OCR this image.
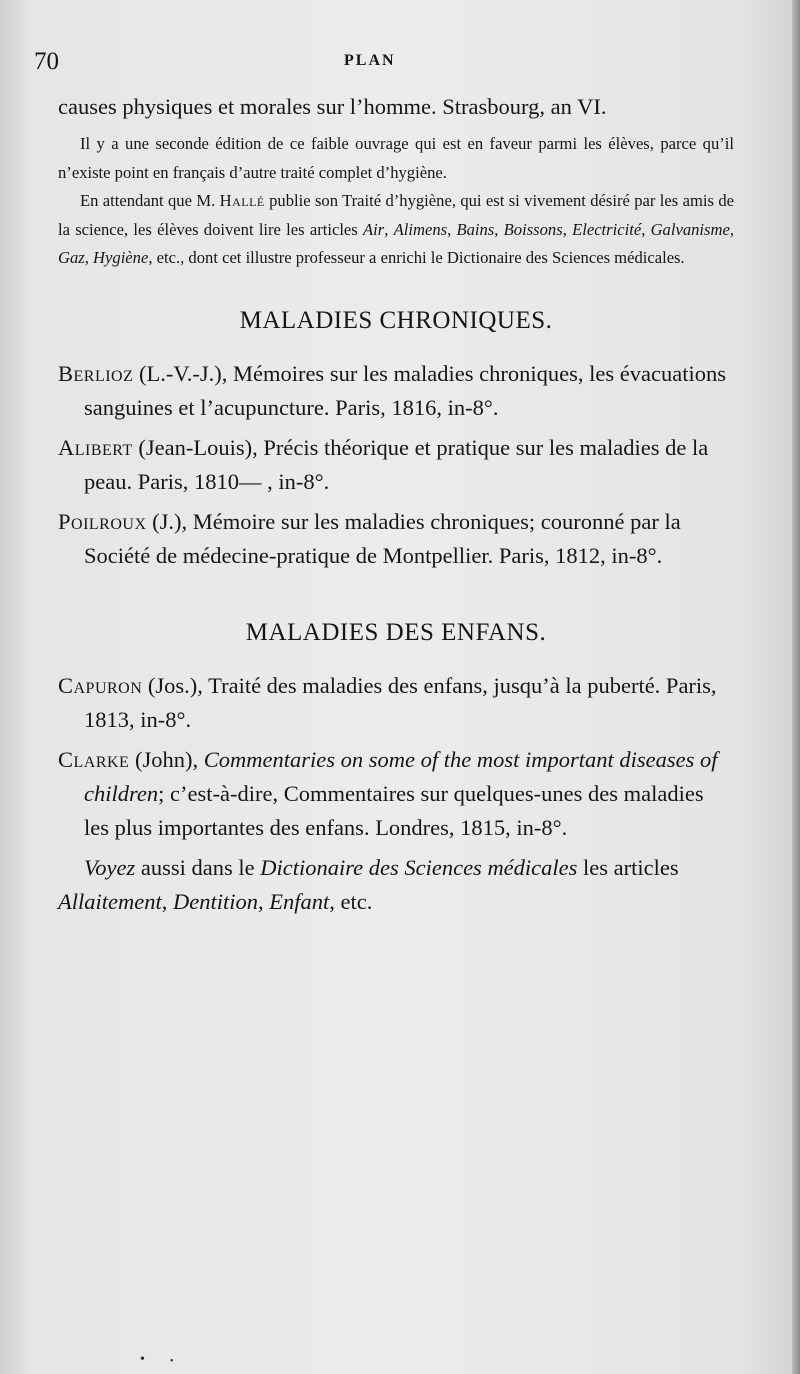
70	PLAN

causes physiques et morales sur l’homme. Strasbourg, an VI.

Il y a une seconde édition de ce faible ouvrage qui est en faveur parmi les élèves, parce qu’il n’existe point en français d’autre traité complet d’hygiène.

En attendant que M. Hallé publie son Traité d’hygiène, qui est si vivement désiré par les amis de la science, les élèves doivent lire les articles Air, Alimens, Bains, Boissons, Electricité, Galvanisme, Gaz, Hygiène, etc., dont cet illustre professeur a enrichi le Dictionaire des Sciences médicales.

MALADIES CHRONIQUES.

Berlioz (L.-V.-J.), Mémoires sur les maladies chroniques, les évacuations sanguines et l’acupuncture. Paris, 1816, in-8°.

Alibert (Jean-Louis), Précis théorique et pratique sur les maladies de la peau. Paris, 1810— , in-8°.

Poilroux (J.), Mémoire sur les maladies chroniques; couronné par la Société de médecine-pratique de Montpellier. Paris, 1812, in-8°.

MALADIES DES ENFANS.

Capuron (Jos.), Traité des maladies des enfans, jusqu’à la puberté. Paris, 1813, in-8°.

Clarke (John), Commentaries on some of the most important diseases of children; c’est-à-dire, Commentaires sur quelques-unes des maladies les plus importantes des enfans. Londres, 1815, in-8°.

Voyez aussi dans le Dictionaire des Sciences médicales les articles Allaitement, Dentition, Enfant, etc.

•	•
